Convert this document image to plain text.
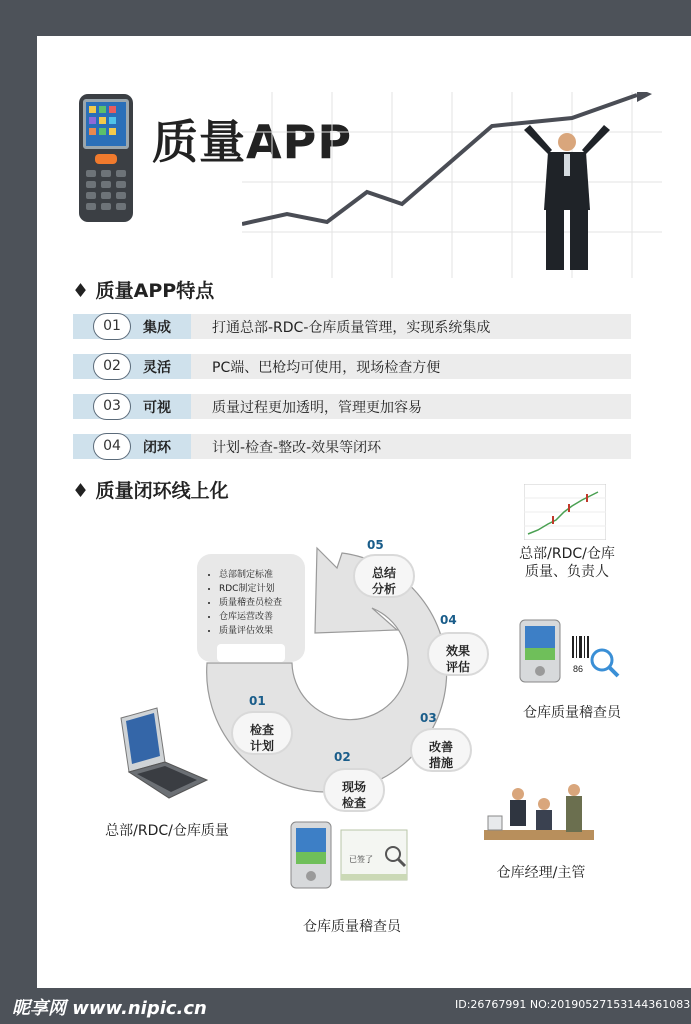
质量APP
♦ 质量APP特点
01	集成	打通总部-RDC-仓库质量管理，实现系统集成
02	灵活	PC端、巴枪均可使用，现场检查方便
03	可视	质量过程更加透明，管理更加容易
04	闭环	计划-检查-整改-效果等闭环
♦ 质量闭环线上化
• 总部制定标准
• RDC制定计划
• 质量稽查员检查
• 仓库运营改善
• 质量评估效果
01
检查
计划
02
现场
检查
03
改善
措施
04
效果
评估
05
总结
分析
总部/RDC/仓库
质量、负责人
86
仓库质量稽查员
总部/RDC/仓库质量
仓库经理/主管
已签了
仓库质量稽查员
昵享网 www.nipic.cn	ID:26767991 NO:20190527153144361083
